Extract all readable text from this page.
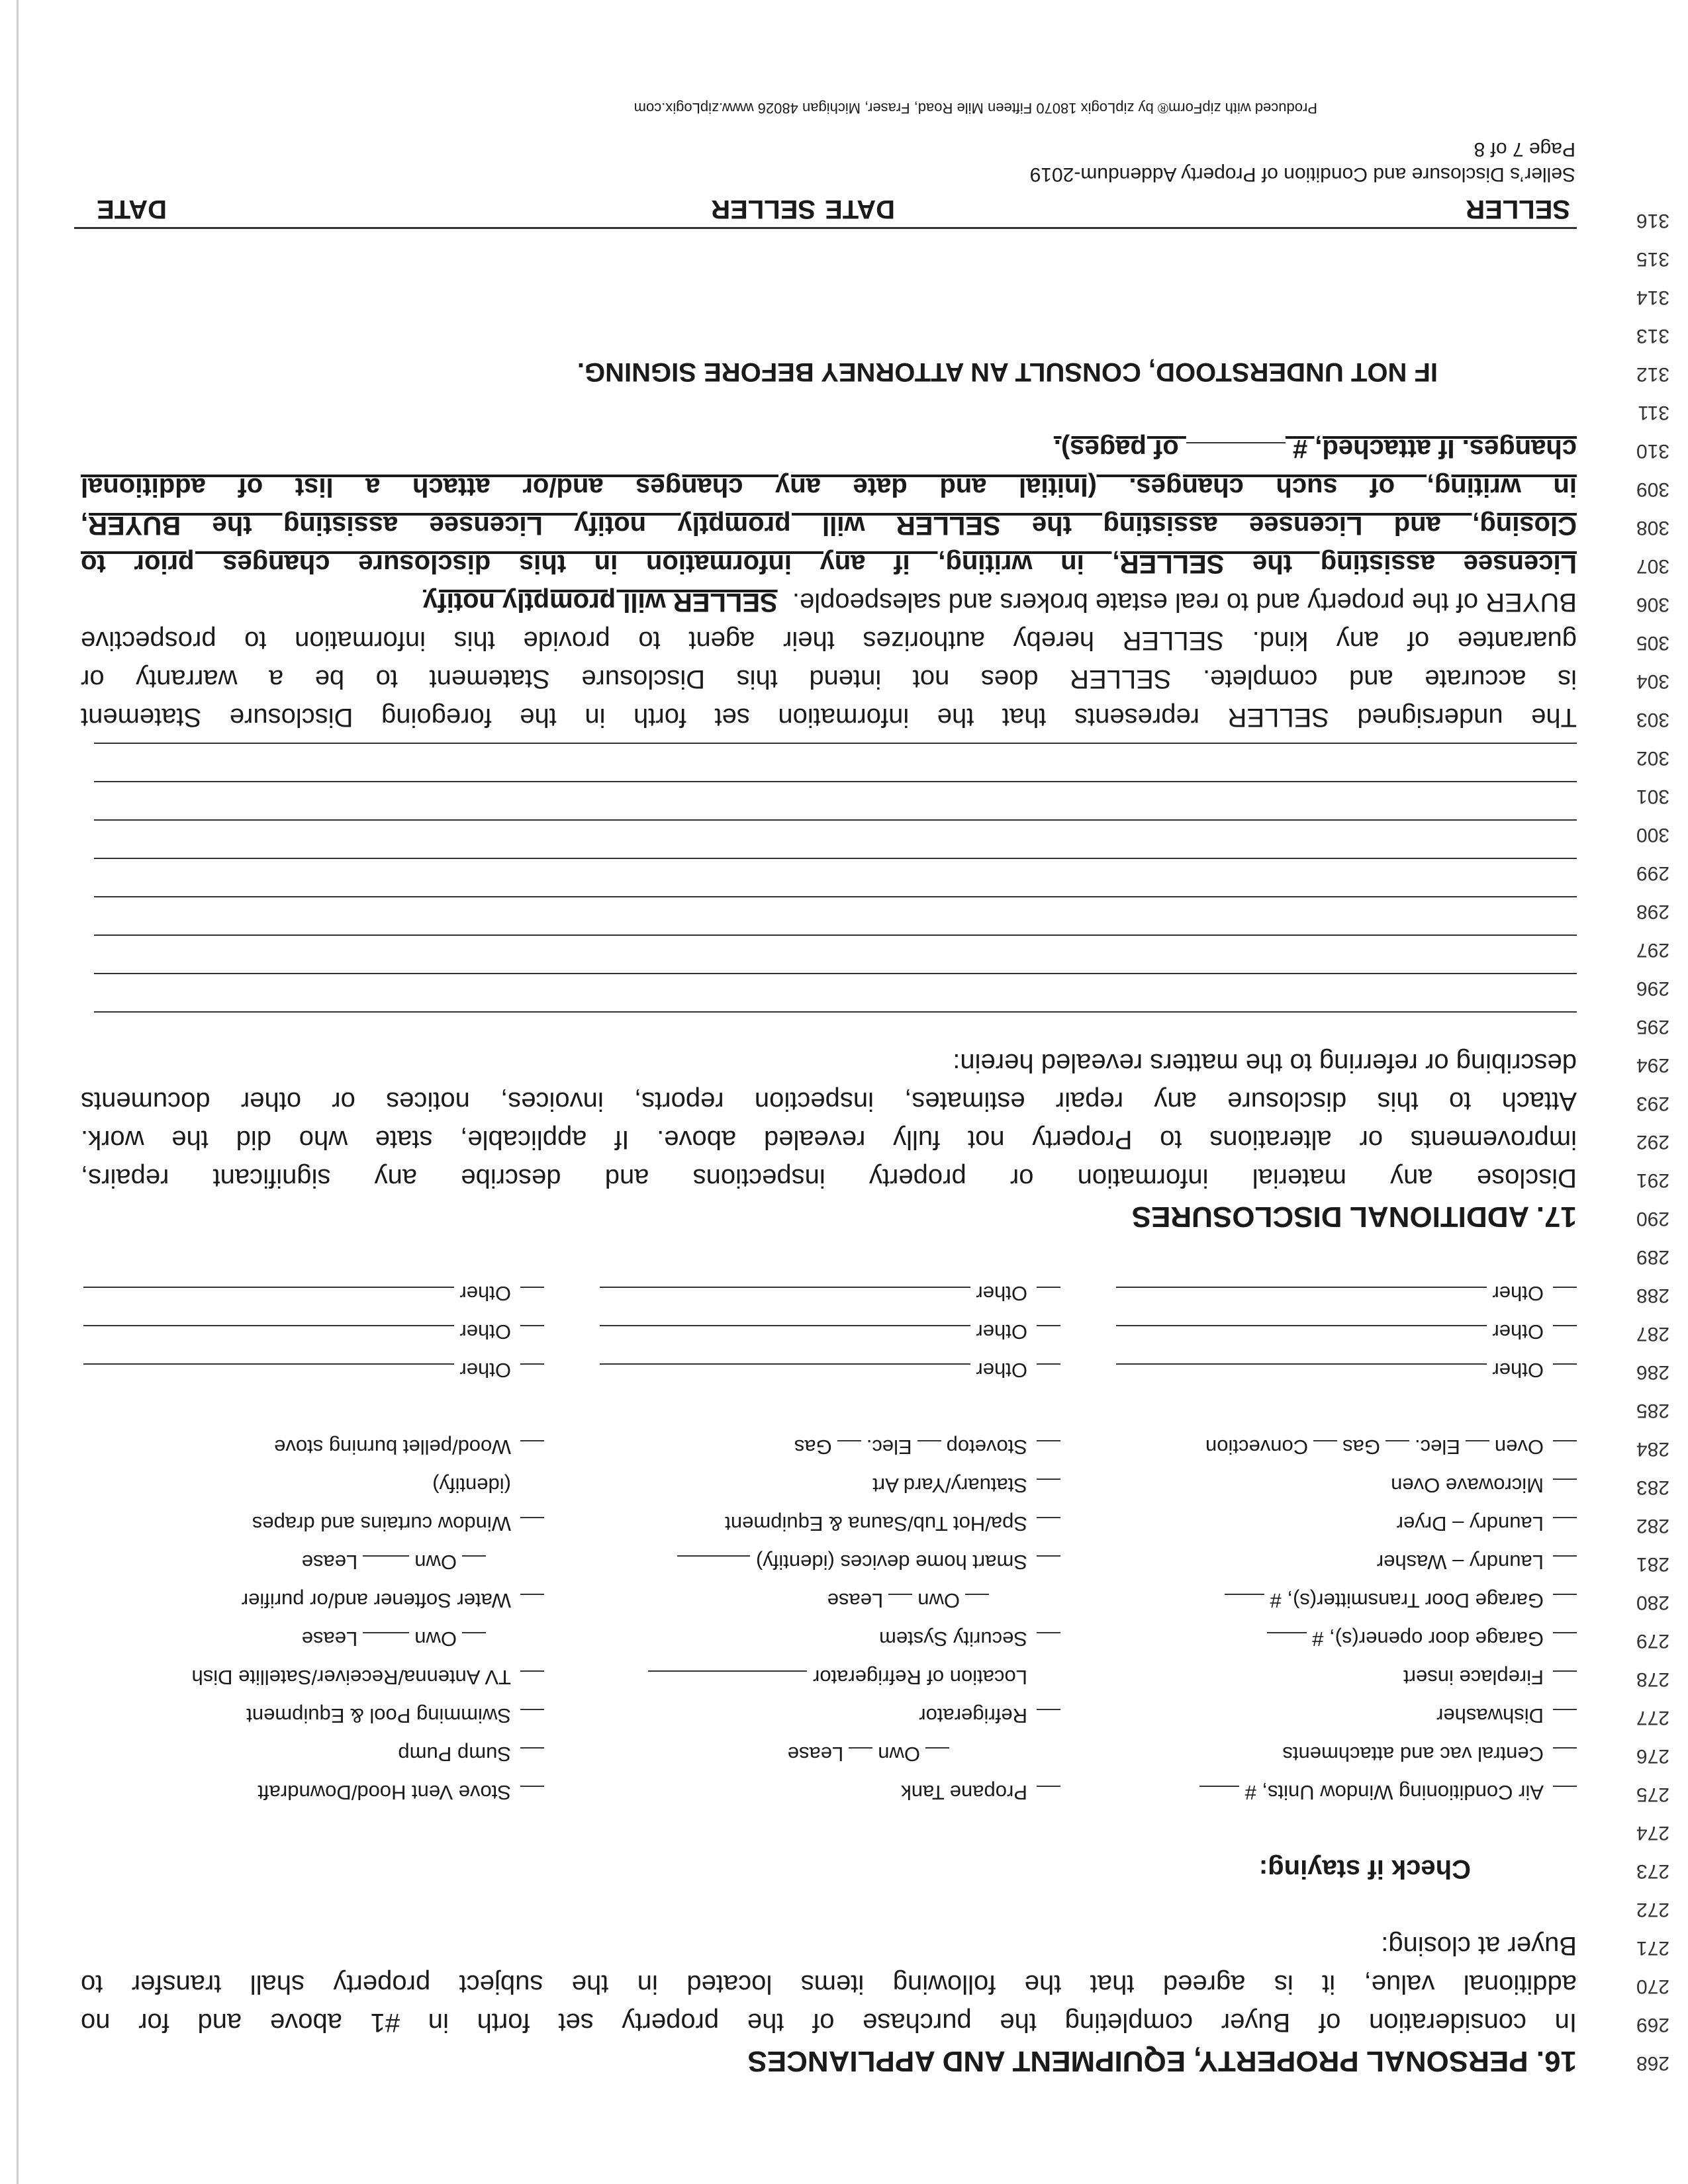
268
16. PERSONAL PROPERTY, EQUIPMENT AND APPLIANCES
269
In consideration of Buyer completing the purchase of the property set forth in #1 above and for no
270
additional value, it is agreed that the following items located in the subject property shall transfer to
271
Buyer at closing:
272
273
Check if staying:
274
275
Air Conditioning Window Units, #
Propane Tank
Stove Vent Hood/Downdraft
276
Central vac and attachments
OwnLease
Sump Pump
277
Dishwasher
Refrigerator
Swimming Pool & Equipment
278
Fireplace insert
Location of Refrigerator
TV Antenna/Receiver/Satellite Dish
279
Garage door opener(s), #
Security System
OwnLease
280
Garage Door Transmitter(s), #
OwnLease
Water Softener and/or purifier
281
Laundry – Washer
Smart home devices (identify)
OwnLease
282
Laundry – Dryer
Spa/Hot Tub/Sauna & Equipment
Window curtains and drapes
283
Microwave Oven
Statuary/Yard Art
(identify)
284
OvenElec.GasConvection
StovetopElec.Gas
Wood/pellet burning stove
285
286
Other
Other
Other
287
Other
Other
Other
288
Other
Other
Other
289
290
17. ADDITIONAL DISCLOSURES
291
Disclose any material information or property inspections and describe any significant repairs,
292
improvements or alterations to Property not fully revealed above. If applicable, state who did the work.
293
Attach to this disclosure any repair estimates, inspection reports, invoices, notices or other documents
294
describing or referring to the matters revealed herein:
295
296
297
298
299
300
301
302
303
The undersigned SELLER represents that the information set forth in the foregoing Disclosure Statement
304
is accurate and complete. SELLER does not intend this Disclosure Statement to be a warranty or
305
guarantee of any kind. SELLER hereby authorizes their agent to provide this information to prospective
306
BUYER of the property and to real estate brokers and salespeople.  SELLER will promptly notify
307
Licensee assisting the SELLER, in writing, if any information in this disclosure changes prior to
308
Closing, and Licensee assisting the SELLER will promptly notify Licensee assisting the BUYER,
309
in writing, of such changes. (Initial and date any changes and/or attach a list of additional
310
changes. If attached, #  of pages).
311
312
IF NOT UNDERSTOOD, CONSULT AN ATTORNEY BEFORE SIGNING.
313
314
315
316
SELLER
DATE
SELLER
DATE
Seller’s Disclosure and Condition of Property Addendum-2019
Page 7 of 8
Produced with zipForm® by zipLogix 18070 Fifteen Mile Road, Fraser, Michigan 48026 www.zipLogix.com
